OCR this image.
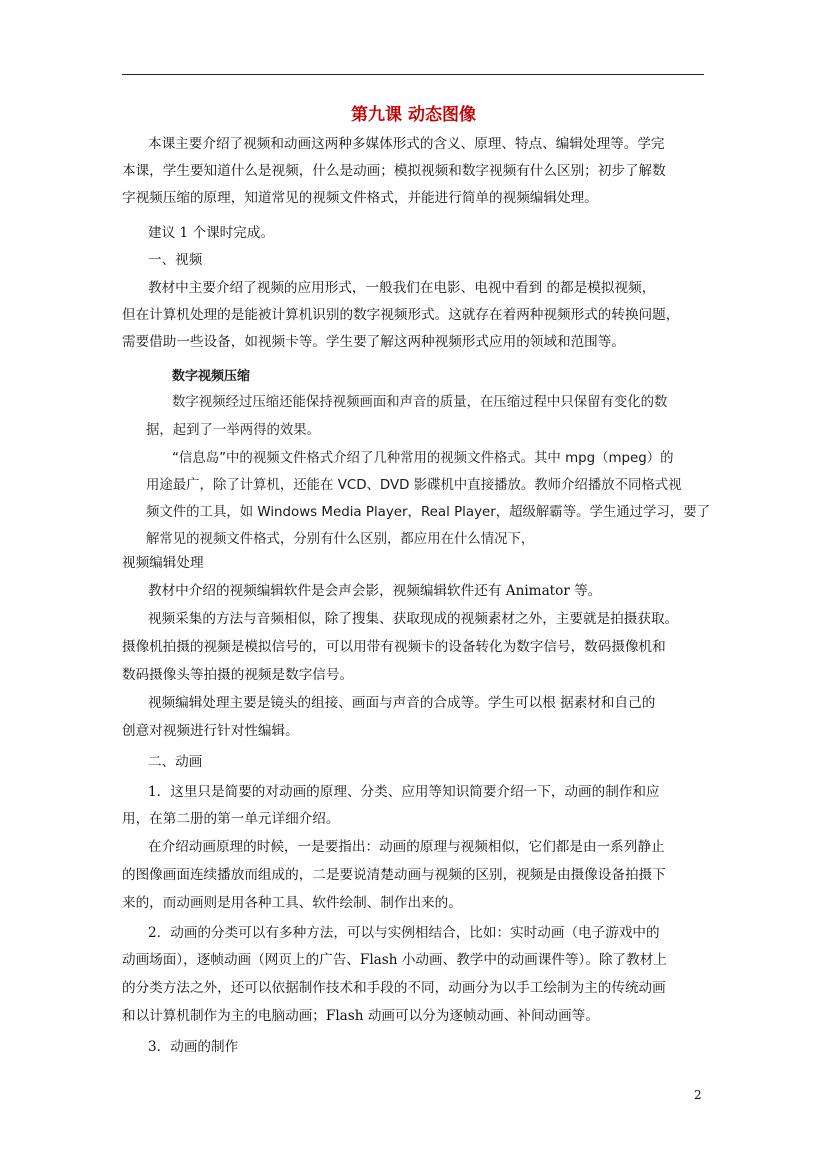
第九课 动态图像
本课主要介绍了视频和动画这两种多媒体形式的含义、原理、特点、编辑处理等。学完
本课，学生要知道什么是视频，什么是动画；模拟视频和数字视频有什么区别；初步了解数
字视频压缩的原理，知道常见的视频文件格式，并能进行简单的视频编辑处理。
建议 1 个课时完成。
一、视频
教材中主要介绍了视频的应用形式，一般我们在电影、电视中看到 的都是模拟视频，
但在计算机处理的是能被计算机识别的数字视频形式。这就存在着两种视频形式的转换问题，
需要借助一些设备，如视频卡等。学生要了解这两种视频形式应用的领域和范围等。
数字视频压缩
数字视频经过压缩还能保持视频画面和声音的质量，在压缩过程中只保留有变化的数
据，起到了一举两得的效果。
“信息岛”中的视频文件格式介绍了几种常用的视频文件格式。其中 mpg（mpeg）的
用途最广，除了计算机，还能在 VCD、DVD 影碟机中直接播放。教师介绍播放不同格式视
频文件的工具，如 Windows Media Player，Real Player，超级解霸等。学生通过学习，要了
解常见的视频文件格式，分别有什么区别，都应用在什么情况下，
视频编辑处理
教材中介绍的视频编辑软件是会声会影，视频编辑软件还有 Animator 等。
视频采集的方法与音频相似，除了搜集、获取现成的视频素材之外，主要就是拍摄获取。
摄像机拍摄的视频是模拟信号的，可以用带有视频卡的设备转化为数字信号，数码摄像机和
数码摄像头等拍摄的视频是数字信号。
视频编辑处理主要是镜头的组接、画面与声音的合成等。学生可以根 据素材和自己的
创意对视频进行针对性编辑。
二、动画
1．这里只是简要的对动画的原理、分类、应用等知识简要介绍一下，动画的制作和应
用，在第二册的第一单元详细介绍。
在介绍动画原理的时候，一是要指出：动画的原理与视频相似，它们都是由一系列静止
的图像画面连续播放而组成的，二是要说清楚动画与视频的区别，视频是由摄像设备拍摄下
来的，而动画则是用各种工具、软件绘制、制作出来的。
2．动画的分类可以有多种方法，可以与实例相结合，比如：实时动画（电子游戏中的
动画场面），逐帧动画（网页上的广告、Flash 小动画、教学中的动画课件等）。除了教材上
的分类方法之外，还可以依据制作技术和手段的不同，动画分为以手工绘制为主的传统动画
和以计算机制作为主的电脑动画；Flash 动画可以分为逐帧动画、补间动画等。
3．动画的制作
2
